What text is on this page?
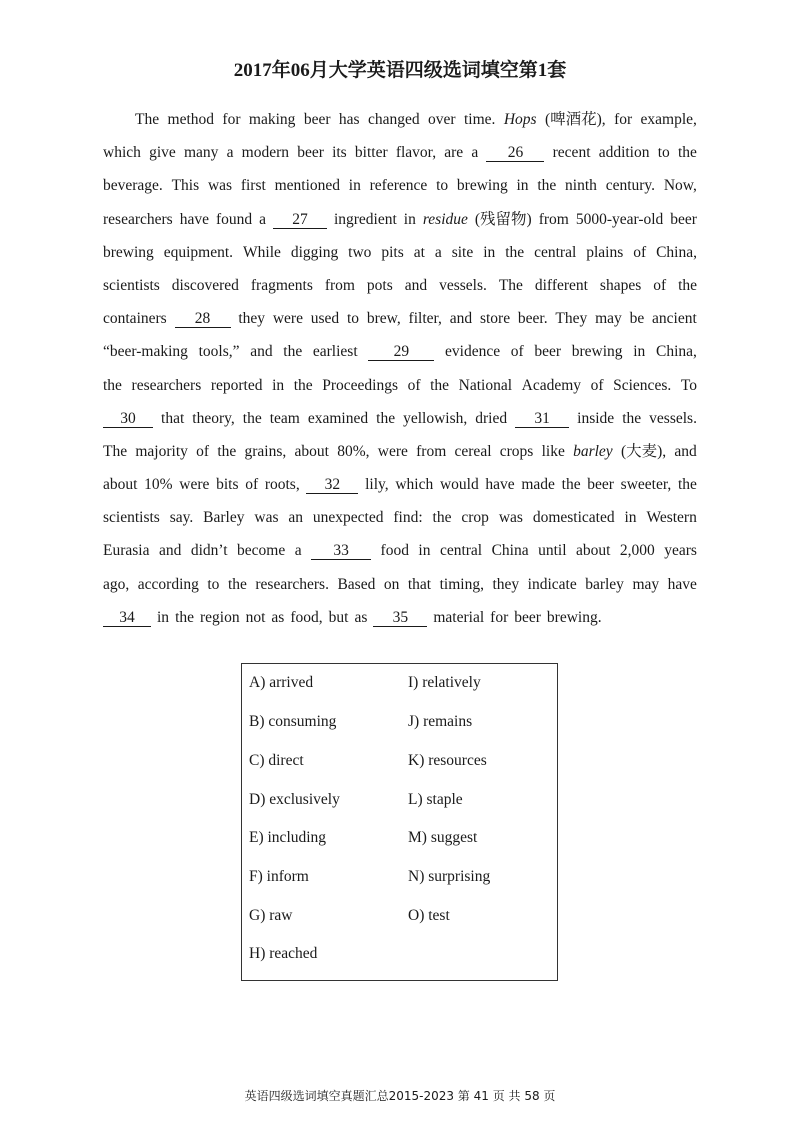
2017年06月大学英语四级选词填空第1套
The method for making beer has changed over time. Hops (啤酒花), for example,
which give many a modern beer its bitter flavor, are a	26	recent addition to the
beverage. This was first mentioned in reference to brewing in the ninth century. Now,
researchers have found a	27	ingredient in residue (残留物) from 5000-year-old beer
brewing equipment. While digging two pits at a site in the central plains of China,
scientists discovered fragments from pots and vessels. The different shapes of the
containers	28	they were used to brew, filter, and store beer. They may be ancient
“beer-making tools,” and the earliest	29	evidence of beer brewing in China,
the researchers reported in the Proceedings of the National Academy of Sciences. To
30	that theory, the team examined the yellowish, dried	31	inside the vessels.
The majority of the grains, about 80%, were from cereal crops like barley (大麦), and
about 10% were bits of roots,	32	lily, which would have made the beer sweeter, the
scientists say. Barley was an unexpected find: the crop was domesticated in Western
Eurasia and didn’t become a	33	food in central China until about 2,000 years
ago, according to the researchers. Based on that timing, they indicate barley may have
34	in the region not as food, but as	35	material for beer brewing.
A) arrived
B) consuming
C) direct
D) exclusively
E) including
F) inform
G) raw
H) reached
I) relatively
J) remains
K) resources
L) staple
M) suggest
N) surprising
O) test
英语四级选词填空真题汇总2015-2023 第 41 页 共 58 页
